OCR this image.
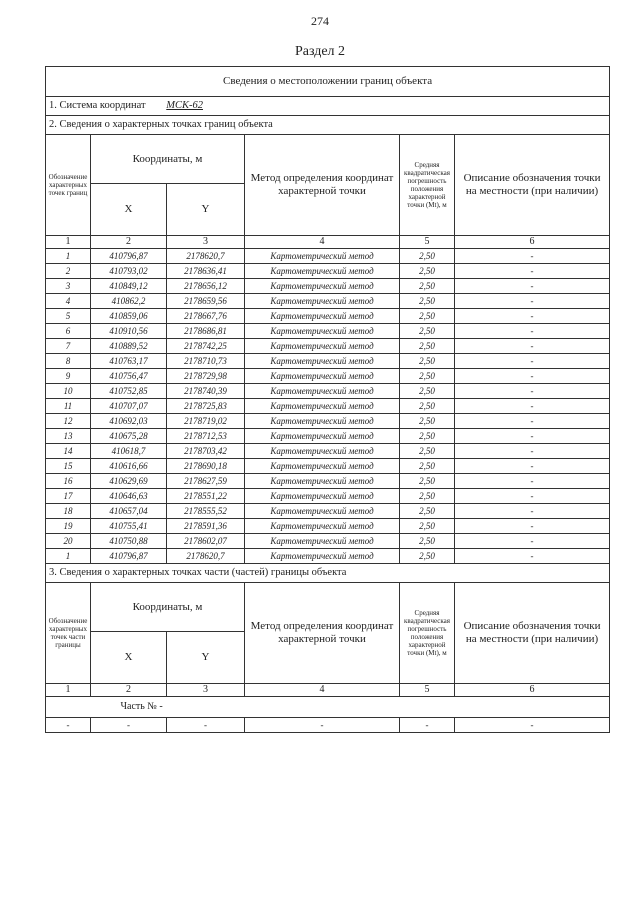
274
Раздел 2
Сведения о местоположении границ объекта					
1. Система координат МСК-62					
2. Сведения о характерных точках границ объекта					
Обозначение характерных точек границ	Координаты, м		Метод определения координат характерной точки	Средняя квадратическая погрешность положения характерной точки (Мt), м	Описание обозначения точки на местности (при наличии)
	X	Y			
1	2	3	4	5	6
1	410796,87	2178620,7	Картометрический метод	2,50	-
2	410793,02	2178636,41	Картометрический метод	2,50	-
3	410849,12	2178656,12	Картометрический метод	2,50	-
4	410862,2	2178659,56	Картометрический метод	2,50	-
5	410859,06	2178667,76	Картометрический метод	2,50	-
6	410910,56	2178686,81	Картометрический метод	2,50	-
7	410889,52	2178742,25	Картометрический метод	2,50	-
8	410763,17	2178710,73	Картометрический метод	2,50	-
9	410756,47	2178729,98	Картометрический метод	2,50	-
10	410752,85	2178740,39	Картометрический метод	2,50	-
11	410707,07	2178725,83	Картометрический метод	2,50	-
12	410692,03	2178719,02	Картометрический метод	2,50	-
13	410675,28	2178712,53	Картометрический метод	2,50	-
14	410618,7	2178703,42	Картометрический метод	2,50	-
15	410616,66	2178690,18	Картометрический метод	2,50	-
16	410629,69	2178627,59	Картометрический метод	2,50	-
17	410646,63	2178551,22	Картометрический метод	2,50	-
18	410657,04	2178555,52	Картометрический метод	2,50	-
19	410755,41	2178591,36	Картометрический метод	2,50	-
20	410750,88	2178602,07	Картометрический метод	2,50	-
1	410796,87	2178620,7	Картометрический метод	2,50	-
3. Сведения о характерных точках части (частей) границы объекта					
Обозначение характерных точек части границы	Координаты, м		Метод определения координат характерной точки	Средняя квадратическая погрешность положения характерной точки (Мt), м	Описание обозначения точки на местности (при наличии)
	X	Y			
1	2	3	4	5	6
	Часть № -				
-	-	-	-	-	-
